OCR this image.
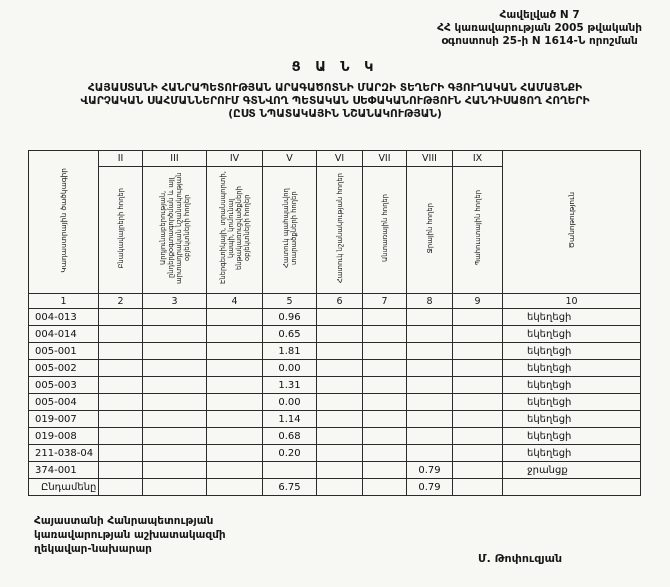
Հավելված N 7
ՀՀ կառավարության 2005 թվականի
օգոստոսի 25-ի N 1614-Ն որոշման
Ց Ա Ն Կ
ՀԱՅԱՍՏԱՆԻ ՀԱՆՐԱՊԵՏՈՒԹՅԱՆ ԱՐԱԳԱԾՈՏՆԻ ՄԱՐԶԻ ՏԵՂԵՐԻ ԳՅՈՒՂԱԿԱՆ ՀԱՄԱՅՆՔԻ
ՎԱՐՉԱԿԱՆ ՍԱՀՄԱՆՆԵՐՈՒՄ ԳՏՆՎՈՂ ՊԵՏԱԿԱՆ ՍԵՓԱԿԱՆՈՒԹՅՈՒՆ ՀԱՆԴԻՍԱՑՈՂ ՀՈՂԵՐԻ
(ԸՍՏ ՆՊԱՏԱԿԱՅԻՆ ՆՇԱՆԱԿՈՒԹՅԱՆ)
Կադաստրային ծածկագիր	II	III	IV	V	VI	VII	VIII	IX	Ծանոթություն
	Բնակավայրերի հողեր	Արդյունաբերության, ընդերքօգտագործման և այլ արտադրական նշանակության օբյեկտների հողեր	Էներգետիկայի, տրանսպորտի, կապի, կոմունալ ենթակառուցվածքների օբյեկտների հողեր	Հատուկ պահպանվող տարածքների հողեր	Հատուկ նշանակության հողեր	Անտառային հողեր	Ջրային հողեր	Պահուստային հողեր	
1	2	3	4	5	6	7	8	9	10
004-013				0.96					եկեղեցի
004-014				0.65					եկեղեցի
005-001				1.81					եկեղեցի
005-002				0.00					եկեղեցի
005-003				1.31					եկեղեցի
005-004				0.00					եկեղեցի
019-007				1.14					եկեղեցի
019-008				0.68					եկեղեցի
211-038-04				0.20					եկեղեցի
374-001							0.79		ջրանցք
Ընդամենը				6.75			0.79		
Հայաստանի Հանրապետության
կառավարության աշխատակազմի
ղեկավար-նախարար
Մ. Թոփուզյան
